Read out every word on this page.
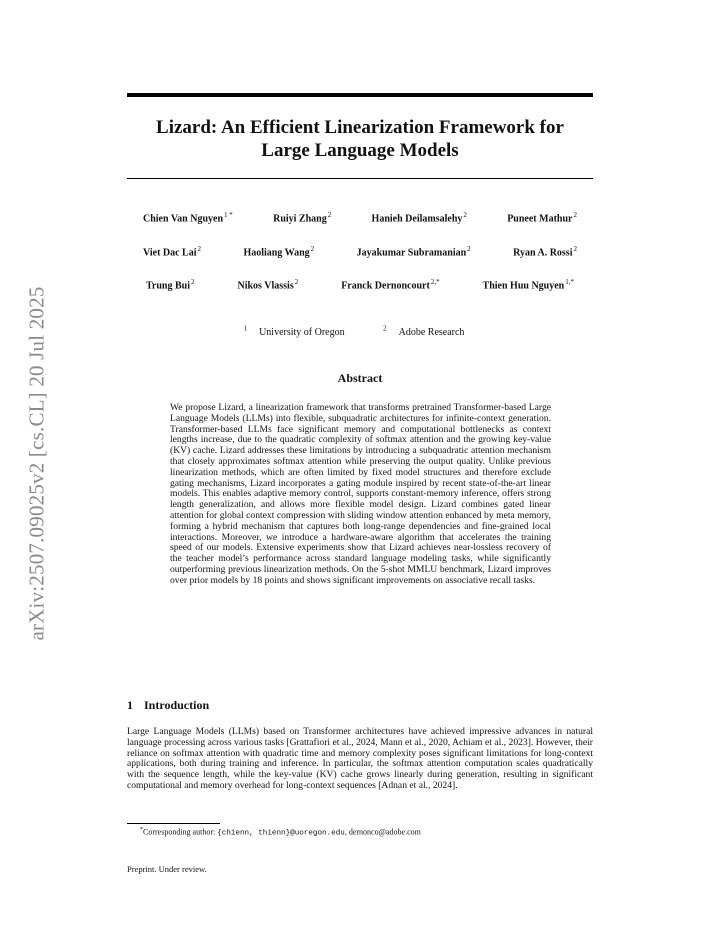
arXiv:2507.09025v2 [cs.CL] 20 Jul 2025
Lizard: An Efficient Linearization Framework for
Large Language Models
Chien Van Nguyen$^{1 *}$	Ruiyi Zhang$^2$	Hanieh Deilamsalehy$^2$	Puneet Mathur$^2$
Viet Dac Lai$^2$	Haoliang Wang$^2$	Jayakumar Subramanian$^2$	Ryan A. Rossi$^2$
Trung Bui$^2$	Nikos Vlassis$^2$	Franck Dernoncourt$^{2,*}$	Thien Huu Nguyen$^{1,*}$
$^1$ University of Oregon	$^2$ Adobe Research
Abstract
We propose Lizard, a linearization framework that transforms pretrained Transformer-based Large Language Models (LLMs) into flexible, subquadratic architectures for infinite-context generation. Transformer-based LLMs face significant memory and computational bottlenecks as context lengths increase, due to the quadratic complexity of softmax attention and the growing key-value (KV) cache. Lizard addresses these limitations by introducing a subquadratic attention mechanism that closely approximates softmax attention while preserving the output quality. Unlike previous linearization methods, which are often limited by fixed model structures and therefore exclude gating mechanisms, Lizard incorporates a gating module inspired by recent state-of-the-art linear models. This enables adaptive memory control, supports constant-memory inference, offers strong length generalization, and allows more flexible model design. Lizard combines gated linear attention for global context compression with sliding window attention enhanced by meta memory, forming a hybrid mechanism that captures both long-range dependencies and fine-grained local interactions. Moreover, we introduce a hardware-aware algorithm that accelerates the training speed of our models. Extensive experiments show that Lizard achieves near-lossless recovery of the teacher model’s performance across standard language modeling tasks, while significantly outperforming previous linearization methods. On the 5-shot MMLU benchmark, Lizard improves over prior models by 18 points and shows significant improvements on associative recall tasks.
1 Introduction
Large Language Models (LLMs) based on Transformer architectures have achieved impressive advances in natural language processing across various tasks [Grattafiori et al., 2024, Mann et al., 2020, Achiam et al., 2023]. However, their reliance on softmax attention with quadratic time and memory complexity poses significant limitations for long-context applications, both during training and inference. In particular, the softmax attention computation scales quadratically with the sequence length, while the key-value (KV) cache grows linearly during generation, resulting in significant computational and memory overhead for long-context sequences [Adnan et al., 2024].
*Corresponding author: {chienn, thienn}@uoregon.edu, dernonco@adobe.com
Preprint. Under review.
